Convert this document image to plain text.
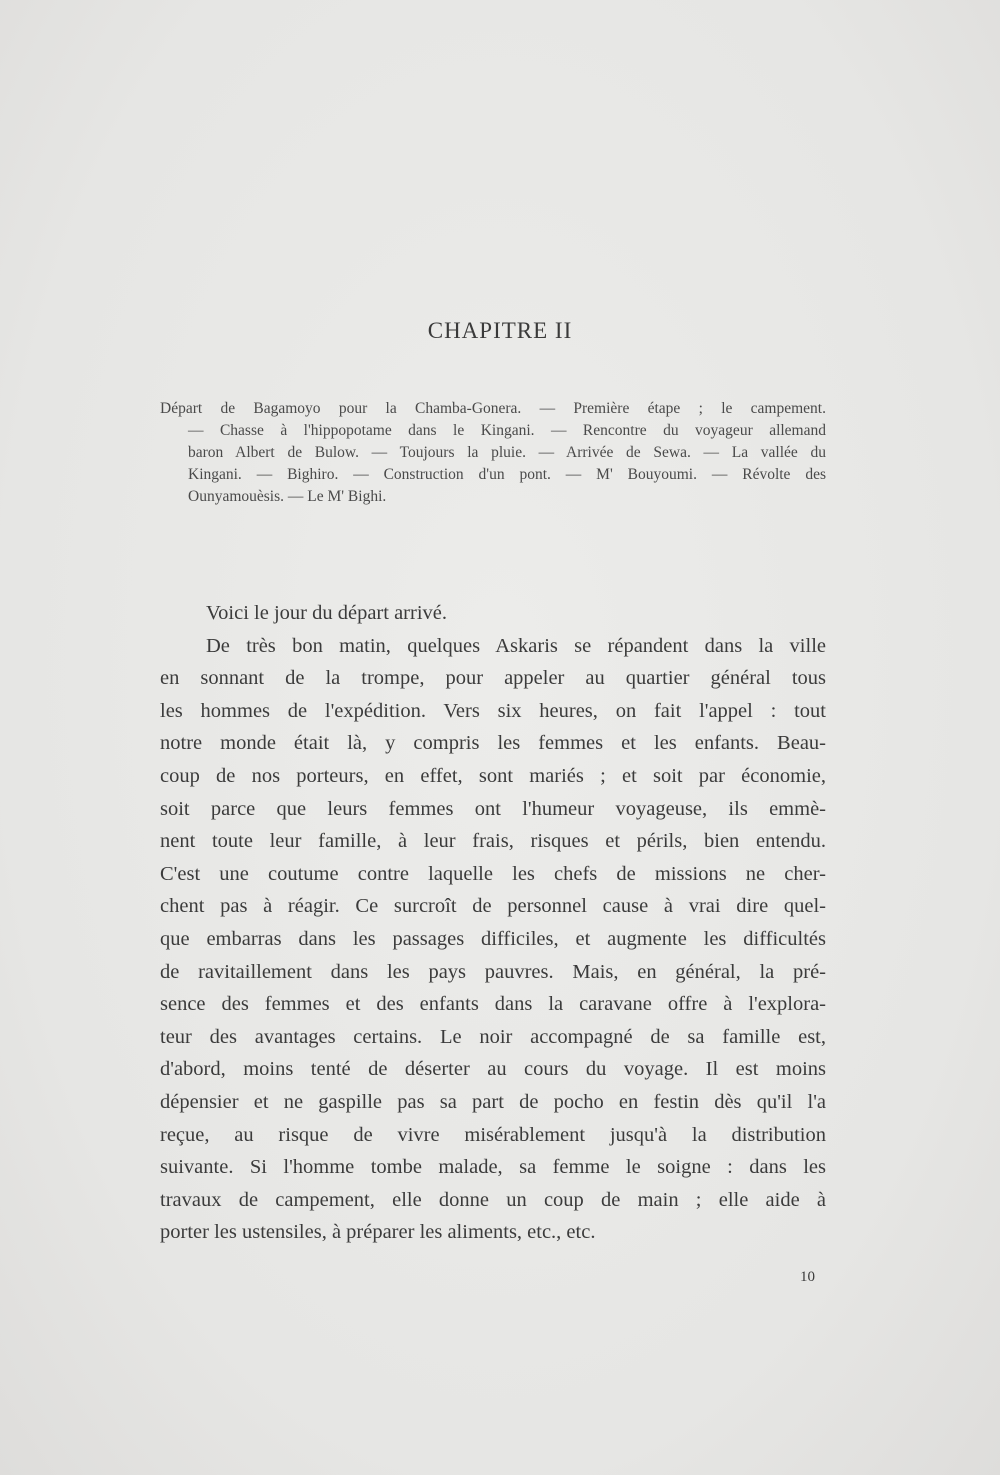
CHAPITRE II
Départ de Bagamoyo pour la Chamba-Gonera. — Première étape ; le campement.
— Chasse à l'hippopotame dans le Kingani. — Rencontre du voyageur allemand
baron Albert de Bulow. — Toujours la pluie. — Arrivée de Sewa. — La vallée du
Kingani. — Bighiro. — Construction d'un pont. — M' Bouyoumi. — Révolte des
Ounyamouèsis. — Le M' Bighi.
Voici le jour du départ arrivé.
De très bon matin, quelques Askaris se répandent dans la ville
en sonnant de la trompe, pour appeler au quartier général tous
les hommes de l'expédition. Vers six heures, on fait l'appel : tout
notre monde était là, y compris les femmes et les enfants. Beau-
coup de nos porteurs, en effet, sont mariés ; et soit par économie,
soit parce que leurs femmes ont l'humeur voyageuse, ils emmè-
nent toute leur famille, à leur frais, risques et périls, bien entendu.
C'est une coutume contre laquelle les chefs de missions ne cher-
chent pas à réagir. Ce surcroît de personnel cause à vrai dire quel-
que embarras dans les passages difficiles, et augmente les difficultés
de ravitaillement dans les pays pauvres. Mais, en général, la pré-
sence des femmes et des enfants dans la caravane offre à l'explora-
teur des avantages certains. Le noir accompagné de sa famille est,
d'abord, moins tenté de déserter au cours du voyage. Il est moins
dépensier et ne gaspille pas sa part de pocho en festin dès qu'il l'a
reçue, au risque de vivre misérablement jusqu'à la distribution
suivante. Si l'homme tombe malade, sa femme le soigne : dans les
travaux de campement, elle donne un coup de main ; elle aide à
porter les ustensiles, à préparer les aliments, etc., etc.
10
